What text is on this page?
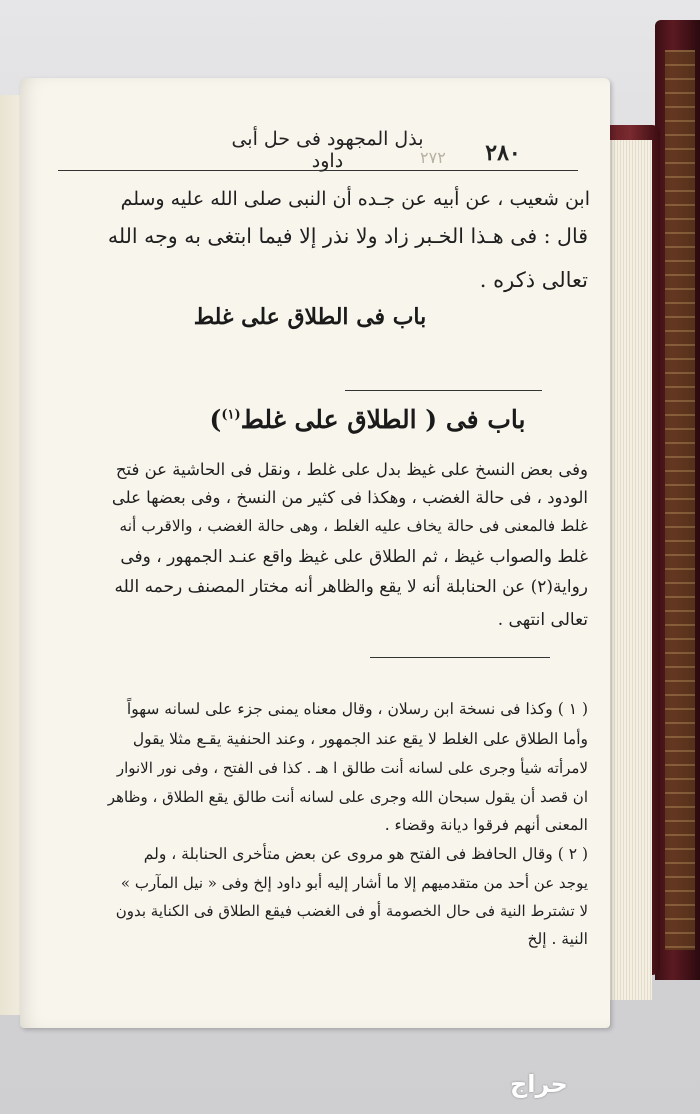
بذل المجهود فى حل أبى داود	٢٨٠
٢٧٢
ابن شعيب ، عن أبيه عن جـده أن النبى صلى الله عليه وسلم
قال : فى هـذا الخـبر زاد ولا نذر إلا فيما ابتغى به وجه الله
تعالى ذكره .
باب فى الطلاق على غلط
باب فى ( الطلاق على غلط$^{(١)}$)
وفى بعض النسخ على غيظ بدل على غلط ، ونقل فى الحاشية عن فتح
الودود ، فى حالة الغضب ، وهكذا فى كثير من النسخ ، وفى بعضها على
غلط فالمعنى فى حالة يخاف عليه الغلط ، وهى حالة الغضب ، والاقرب أنه
غلط والصواب غيظ ، ثم الطلاق على غيظ واقع عنـد الجمهور ، وفى
رواية(٢) عن الحنابلة أنه لا يقع والظاهر أنه مختار المصنف رحمه الله
تعالى انتهى .
( ١ ) وكذا فى نسخة ابن رسلان ، وقال معناه يمنى جزء على لسانه سهواً
وأما الطلاق على الغلط لا يقع عند الجمهور ، وعند الحنفية يقـع مثلا يقول
لامرأته شيأ وجرى على لسانه أنت طالق ا هـ . كذا فى الفتح ، وفى نور الانوار
ان قصد أن يقول سبحان الله وجرى على لسانه أنت طالق يقع الطلاق ، وظاهر
المعنى أنهم فرقوا ديانة وقضاء .
( ٢ ) وقال الحافظ فى الفتح هو مروى عن بعض متأخرى الحنابلة ، ولم
يوجد عن أحد من متقدميهم إلا ما أشار إليه أبو داود إلخ وفى « نيل المآرب »
لا تشترط النية فى حال الخصومة أو فى الغضب فيقع الطلاق فى الكناية بدون
النية . إلخ
حراج
